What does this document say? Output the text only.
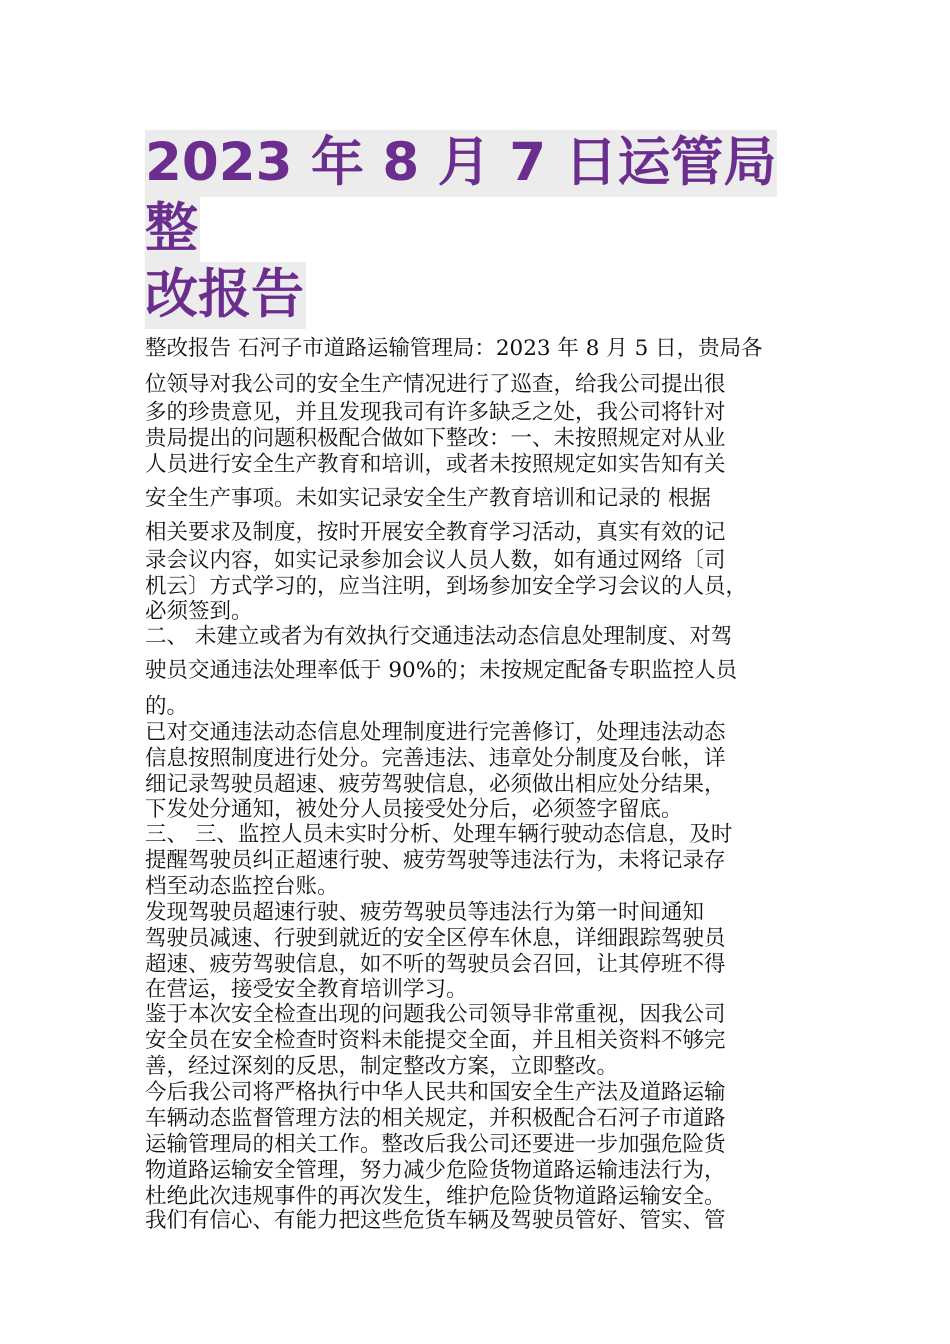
2023 年 8 月 7 日运管局整
改报告
整改报告 石河子市道路运输管理局：2023 年 8 月 5 日，贵局各
位领导对我公司的安全生产情况进行了巡查，给我公司提出很
多的珍贵意见，并且发现我司有许多缺乏之处，我公司将针对
贵局提出的问题积极配合做如下整改：一、未按照规定对从业
人员进行安全生产教育和培训，或者未按照规定如实告知有关
安全生产事项。未如实记录安全生产教育培训和记录的 根据
相关要求及制度，按时开展安全教育学习活动，真实有效的记
录会议内容，如实记录参加会议人员人数，如有通过网络〔司
机云〕方式学习的，应当注明，到场参加安全学习会议的人员，
必须签到。
二、 未建立或者为有效执行交通违法动态信息处理制度、对驾
驶员交通违法处理率低于 90%的；未按规定配备专职监控人员
的。
已对交通违法动态信息处理制度进行完善修订，处理违法动态
信息按照制度进行处分。完善违法、违章处分制度及台帐，详
细记录驾驶员超速、疲劳驾驶信息，必须做出相应处分结果，
下发处分通知，被处分人员接受处分后，必须签字留底。
三、 三、监控人员未实时分析、处理车辆行驶动态信息，及时
提醒驾驶员纠正超速行驶、疲劳驾驶等违法行为，未将记录存
档至动态监控台账。
发现驾驶员超速行驶、疲劳驾驶员等违法行为第一时间通知
驾驶员减速、行驶到就近的安全区停车休息，详细跟踪驾驶员
超速、疲劳驾驶信息，如不听的驾驶员会召回，让其停班不得
在营运，接受安全教育培训学习。
鉴于本次安全检查出现的问题我公司领导非常重视，因我公司
安全员在安全检查时资料未能提交全面，并且相关资料不够完
善，经过深刻的反思，制定整改方案，立即整改。
今后我公司将严格执行中华人民共和国安全生产法及道路运输
车辆动态监督管理方法的相关规定，并积极配合石河子市道路
运输管理局的相关工作。整改后我公司还要进一步加强危险货
物道路运输安全管理，努力减少危险货物道路运输违法行为，
杜绝此次违规事件的再次发生，维护危险货物道路运输安全。
我们有信心、有能力把这些危货车辆及驾驶员管好、管实、管
